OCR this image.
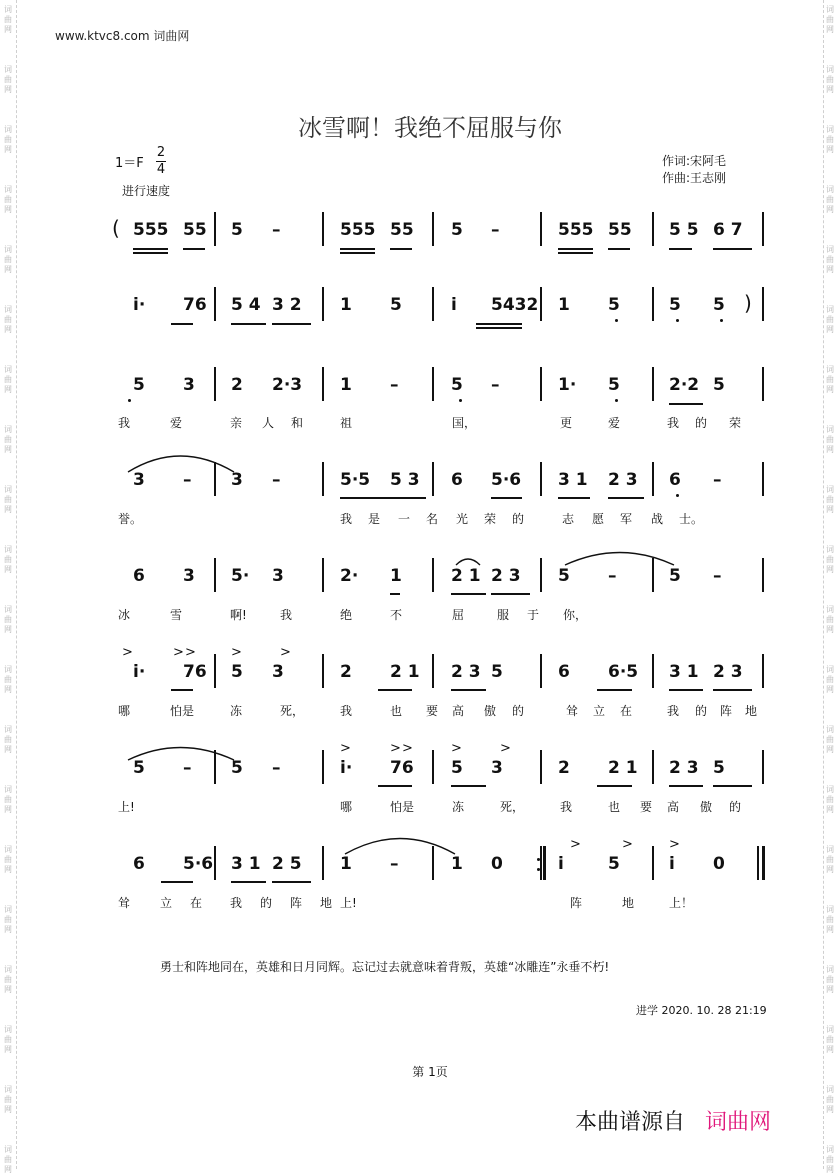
词
曲
网
词
曲
网
词
曲
网
词
曲
网
词
曲
网
词
曲
网
词
曲
网
词
曲
网
词
曲
网
词
曲
网
词
曲
网
词
曲
网
词
曲
网
词
曲
网
词
曲
网
词
曲
网
词
曲
网
词
曲
网
词
曲
网
词
曲
网
词
曲
网
词
曲
网
词
曲
网
词
曲
网
词
曲
网
词
曲
网
词
曲
网
词
曲
网
词
曲
网
词
曲
网
词
曲
网
词
曲
网
词
曲
网
词
曲
网
词
曲
网
词
曲
网
词
曲
网
词
曲
网
词
曲
网
词
曲
网
www.ktvc8.com 词曲网
冰雪啊！我绝不屈服与你
1＝F
2
4
进行速度
作词:宋阿毛
作曲:王志刚
555 55 5 –	555 55 5 –	555 55 5 5 6 7
i· 76 5 4 3 2 1 5	i 5432 1 5	5 5
5 3 2 2·3 1 –	5 –	1· 5	2·2 5
我	爱	亲 人 和	祖	国，	更	爱	我 的 荣
3 – 3 –	5·5 5 3 6 5·6 3 1 2 3 6 –
誉。	我 是 一 名 光 荣 的	志 愿 军 战 士。
6 3 5· 3	2· 1	2 1 2 3 5 –	5 –
冰	雪	啊!	我	绝	不	屈	服 于 你，
i· 76 5 3	2 2 1 2 3 5	6 6·5 3 1 2 3
哪	怕是	冻	死，	我	也 要 高 傲 的	耸 立 在	我 的 阵 地
5 – 5 –	i· 76 5 3	2 2 1 2 3 5
上!	哪	怕是	冻	死，	我	也 要 高 傲 的
6 5·6 3 1 2 5 1 –	1 0	i	5	i 0
耸 立 在 我 的 阵 地 上!	阵	地	上！
(
)
>	> >	>	>
>	> >	>	>
>	>	>
勇士和阵地同在，英雄和日月同辉。忘记过去就意味着背叛，英雄“冰雕连”永垂不朽!
进学 2020. 10. 28 21:19
第 1页
本曲谱源自 词曲网
